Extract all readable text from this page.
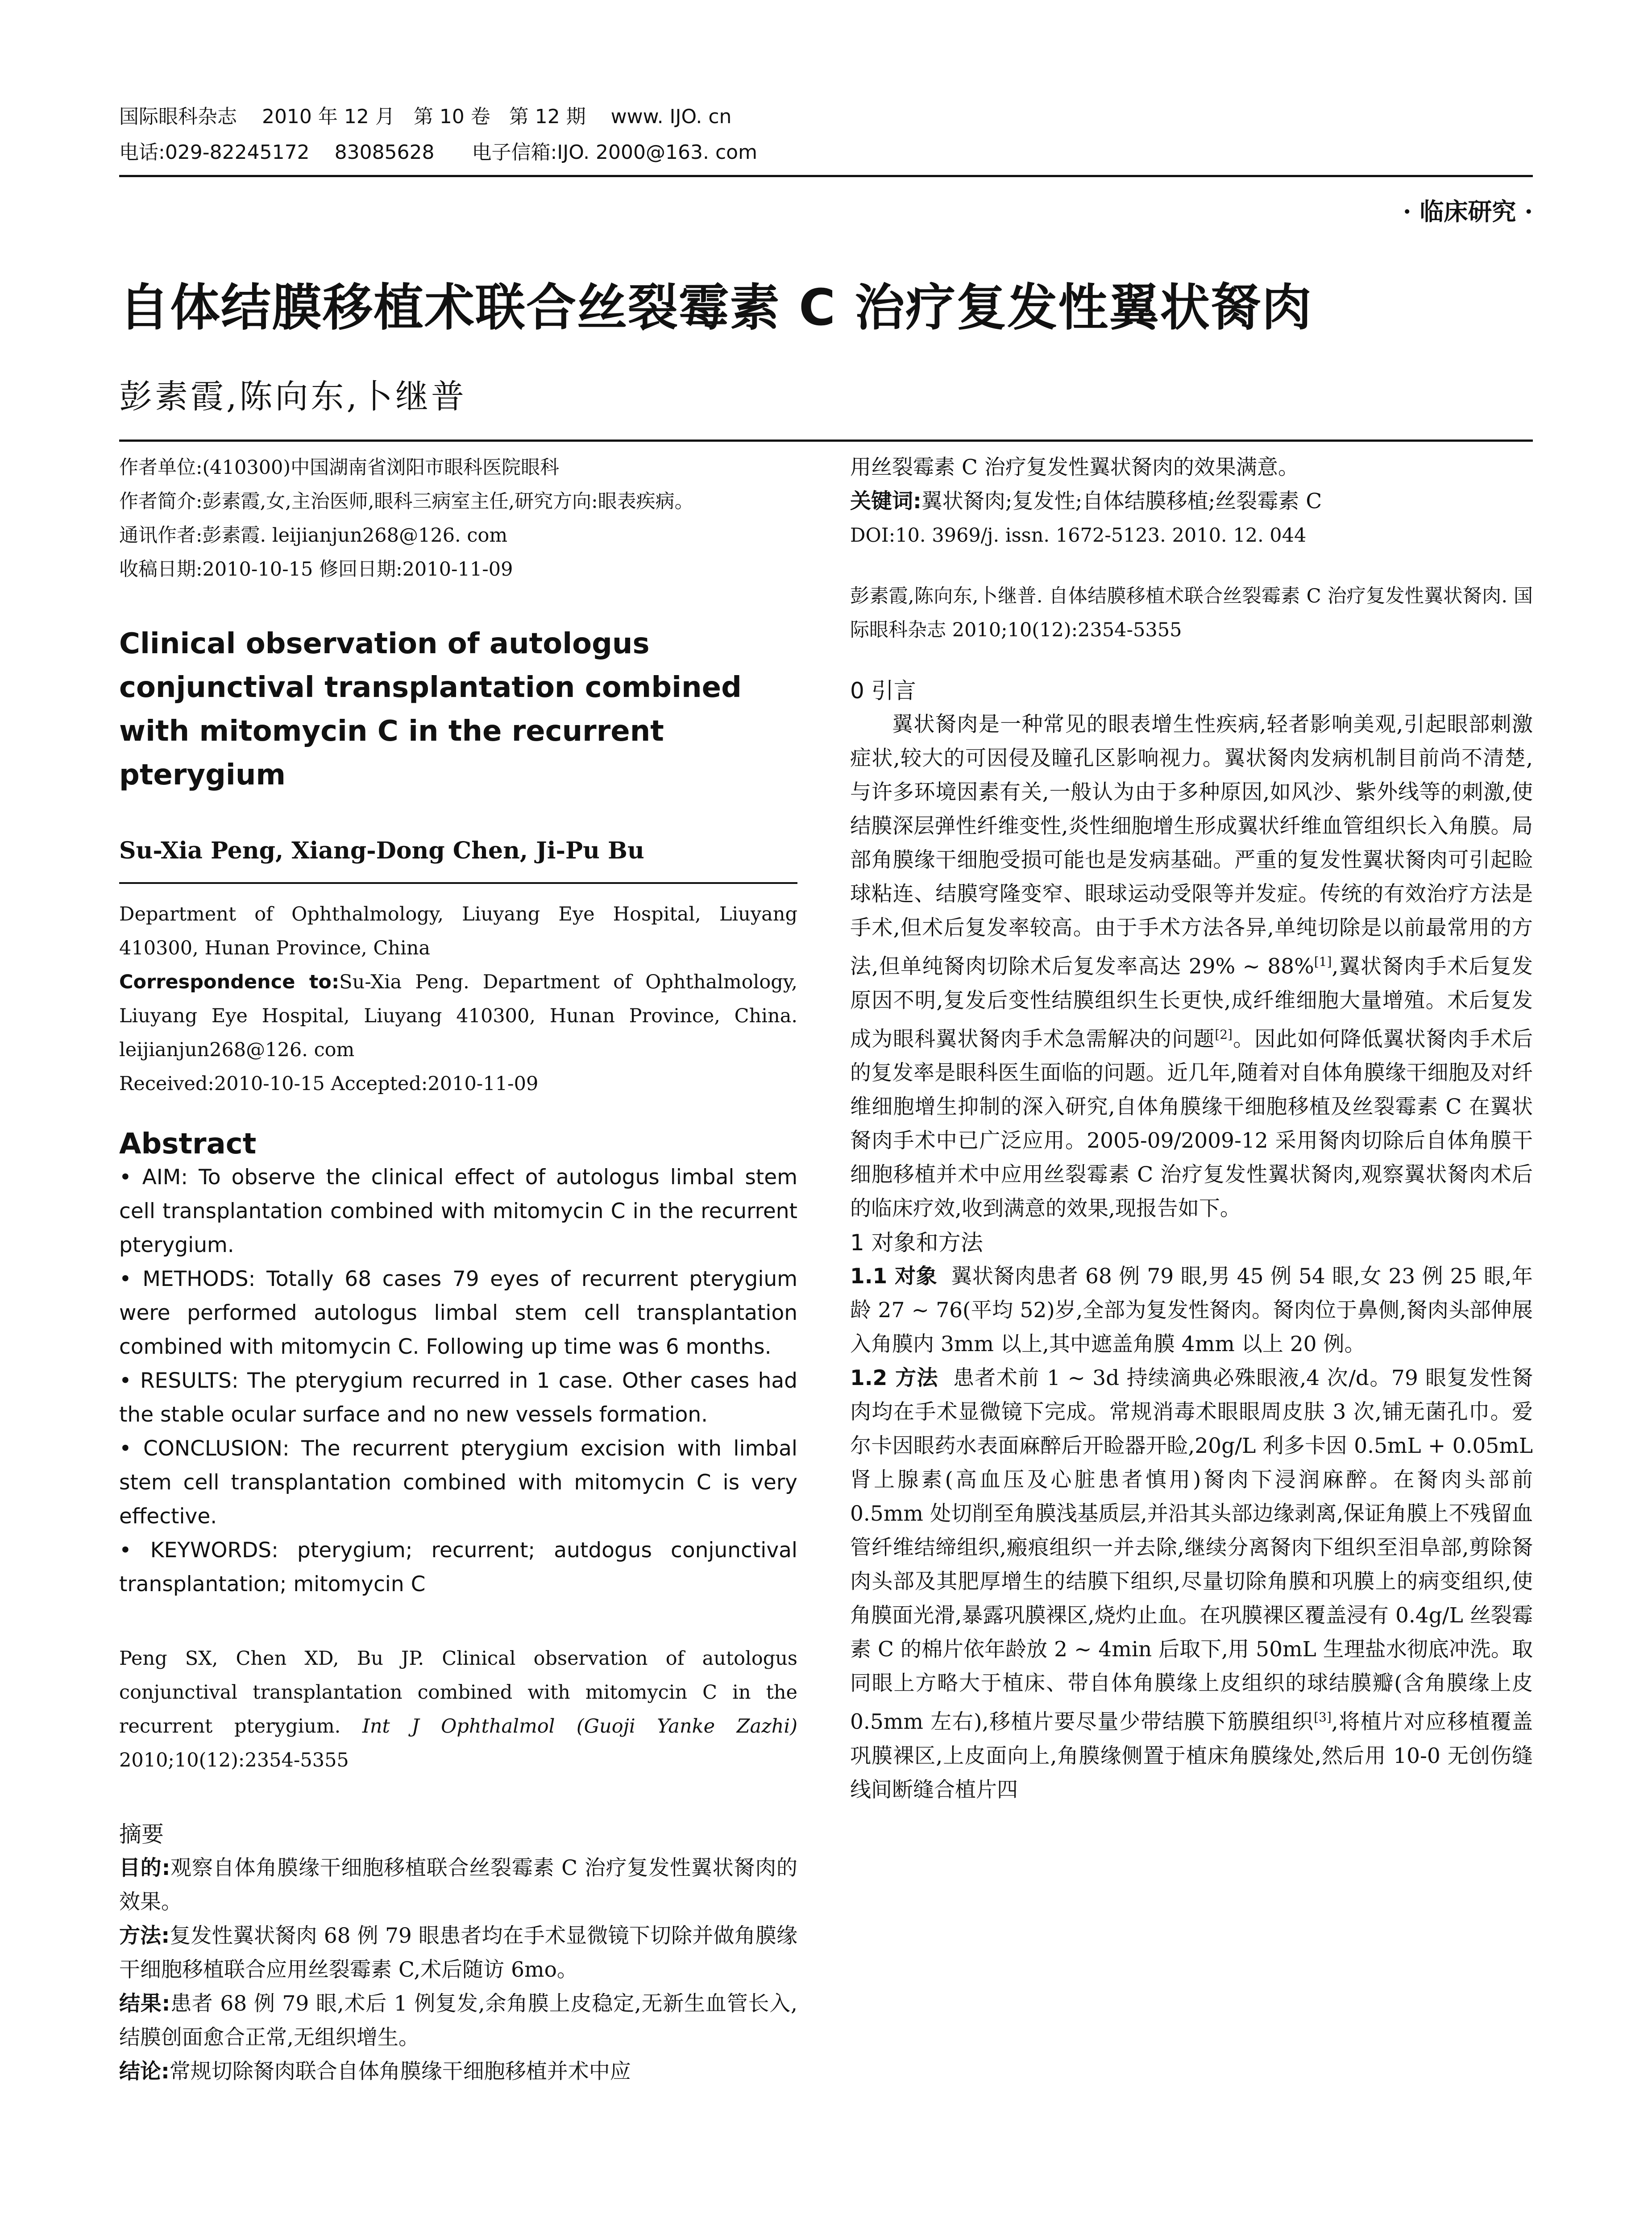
国际眼科杂志    2010 年 12 月   第 10 卷   第 12 期    www. IJO. cn
电话:029-82245172    83085628      电子信箱:IJO. 2000@163. com
· 临床研究 ·
自体结膜移植术联合丝裂霉素 C 治疗复发性翼状胬肉
彭素霞,陈向东,卜继普

作者单位:(410300)中国湖南省浏阳市眼科医院眼科

作者简介:彭素霞,女,主治医师,眼科三病室主任,研究方向:眼表疾病。

通讯作者:彭素霞. leijianjun268@126. com

收稿日期:2010-10-15 修回日期:2010-11-09

Clinical observation of autologus conjunctival transplantation combined with mitomycin C in the recurrent pterygium

Su-Xia Peng, Xiang-Dong Chen, Ji-Pu Bu

Department of Ophthalmology, Liuyang Eye Hospital, Liuyang 410300, Hunan Province, China

Correspondence to:Su-Xia Peng. Department of Ophthalmology, Liuyang Eye Hospital, Liuyang 410300, Hunan Province, China. leijianjun268@126. com

Received:2010-10-15 Accepted:2010-11-09

Abstract

• AIM: To observe the clinical effect of autologus limbal stem cell transplantation combined with mitomycin C in the recurrent pterygium.

• METHODS: Totally 68 cases 79 eyes of recurrent pterygium were performed autologus limbal stem cell transplantation combined with mitomycin C. Following up time was 6 months.

• RESULTS: The pterygium recurred in 1 case. Other cases had the stable ocular surface and no new vessels formation.

• CONCLUSION: The recurrent pterygium excision with limbal stem cell transplantation combined with mitomycin C is very effective.

• KEYWORDS: pterygium; recurrent; autdogus conjunctival transplantation; mitomycin C

Peng SX, Chen XD, Bu JP. Clinical observation of autologus conjunctival transplantation combined with mitomycin C in the recurrent pterygium. Int J Ophthalmol (Guoji Yanke Zazhi) 2010;10(12):2354-5355

摘要

目的:观察自体角膜缘干细胞移植联合丝裂霉素 C 治疗复发性翼状胬肉的效果。

方法:复发性翼状胬肉 68 例 79 眼患者均在手术显微镜下切除并做角膜缘干细胞移植联合应用丝裂霉素 C,术后随访 6mo。

结果:患者 68 例 79 眼,术后 1 例复发,余角膜上皮稳定,无新生血管长入,结膜创面愈合正常,无组织增生。

结论:常规切除胬肉联合自体角膜缘干细胞移植并术中应

用丝裂霉素 C 治疗复发性翼状胬肉的效果满意。

关键词:翼状胬肉;复发性;自体结膜移植;丝裂霉素 C

DOI:10. 3969/j. issn. 1672-5123. 2010. 12. 044

彭素霞,陈向东,卜继普. 自体结膜移植术联合丝裂霉素 C 治疗复发性翼状胬肉. 国际眼科杂志 2010;10(12):2354-5355

0 引言

翼状胬肉是一种常见的眼表增生性疾病,轻者影响美观,引起眼部刺激症状,较大的可因侵及瞳孔区影响视力。翼状胬肉发病机制目前尚不清楚,与许多环境因素有关,一般认为由于多种原因,如风沙、紫外线等的刺激,使结膜深层弹性纤维变性,炎性细胞增生形成翼状纤维血管组织长入角膜。局部角膜缘干细胞受损可能也是发病基础。严重的复发性翼状胬肉可引起睑球粘连、结膜穹隆变窄、眼球运动受限等并发症。传统的有效治疗方法是手术,但术后复发率较高。由于手术方法各异,单纯切除是以前最常用的方法,但单纯胬肉切除术后复发率高达 29% ~ 88%[1],翼状胬肉手术后复发原因不明,复发后变性结膜组织生长更快,成纤维细胞大量增殖。术后复发成为眼科翼状胬肉手术急需解决的问题[2]。因此如何降低翼状胬肉手术后的复发率是眼科医生面临的问题。近几年,随着对自体角膜缘干细胞及对纤维细胞增生抑制的深入研究,自体角膜缘干细胞移植及丝裂霉素 C 在翼状胬肉手术中已广泛应用。2005-09/2009-12 采用胬肉切除后自体角膜干细胞移植并术中应用丝裂霉素 C 治疗复发性翼状胬肉,观察翼状胬肉术后的临床疗效,收到满意的效果,现报告如下。

1 对象和方法

1.1 对象 翼状胬肉患者 68 例 79 眼,男 45 例 54 眼,女 23 例 25 眼,年龄 27 ~ 76(平均 52)岁,全部为复发性胬肉。胬肉位于鼻侧,胬肉头部伸展入角膜内 3mm 以上,其中遮盖角膜 4mm 以上 20 例。

1.2 方法 患者术前 1 ~ 3d 持续滴典必殊眼液,4 次/d。79 眼复发性胬肉均在手术显微镜下完成。常规消毒术眼眼周皮肤 3 次,铺无菌孔巾。爱尔卡因眼药水表面麻醉后开睑器开睑,20g/L 利多卡因 0.5mL + 0.05mL 肾上腺素(高血压及心脏患者慎用)胬肉下浸润麻醉。在胬肉头部前 0.5mm 处切削至角膜浅基质层,并沿其头部边缘剥离,保证角膜上不残留血管纤维结缔组织,瘢痕组织一并去除,继续分离胬肉下组织至泪阜部,剪除胬肉头部及其肥厚增生的结膜下组织,尽量切除角膜和巩膜上的病变组织,使角膜面光滑,暴露巩膜裸区,烧灼止血。在巩膜裸区覆盖浸有 0.4g/L 丝裂霉素 C 的棉片依年龄放 2 ~ 4min 后取下,用 50mL 生理盐水彻底冲洗。取同眼上方略大于植床、带自体角膜缘上皮组织的球结膜瓣(含角膜缘上皮 0.5mm 左右),移植片要尽量少带结膜下筋膜组织[3],将植片对应移植覆盖巩膜裸区,上皮面向上,角膜缘侧置于植床角膜缘处,然后用 10-0 无创伤缝线间断缝合植片四
